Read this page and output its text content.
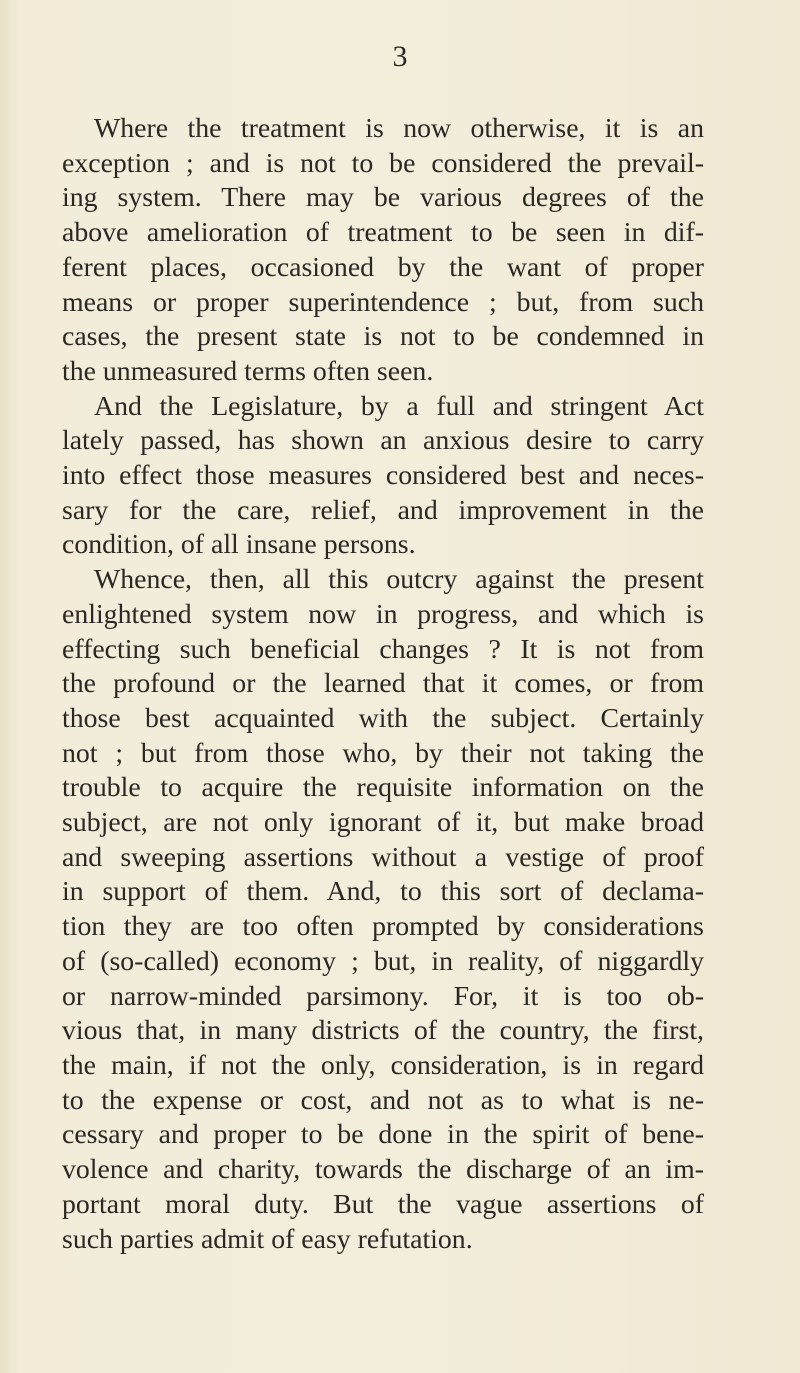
3
Where the treatment is now otherwise, it is an
exception ; and is not to be considered the prevail-
ing system. There may be various degrees of the
above amelioration of treatment to be seen in dif-
ferent places, occasioned by the want of proper
means or proper superintendence ; but, from such
cases, the present state is not to be condemned in
the unmeasured terms often seen.
And the Legislature, by a full and stringent Act
lately passed, has shown an anxious desire to carry
into effect those measures considered best and neces-
sary for the care, relief, and improvement in the
condition, of all insane persons.
Whence, then, all this outcry against the present
enlightened system now in progress, and which is
effecting such beneficial changes ? It is not from
the profound or the learned that it comes, or from
those best acquainted with the subject. Certainly
not ; but from those who, by their not taking the
trouble to acquire the requisite information on the
subject, are not only ignorant of it, but make broad
and sweeping assertions without a vestige of proof
in support of them. And, to this sort of declama-
tion they are too often prompted by considerations
of (so-called) economy ; but, in reality, of niggardly
or narrow-minded parsimony. For, it is too ob-
vious that, in many districts of the country, the first,
the main, if not the only, consideration, is in regard
to the expense or cost, and not as to what is ne-
cessary and proper to be done in the spirit of bene-
volence and charity, towards the discharge of an im-
portant moral duty. But the vague assertions of
such parties admit of easy refutation.
